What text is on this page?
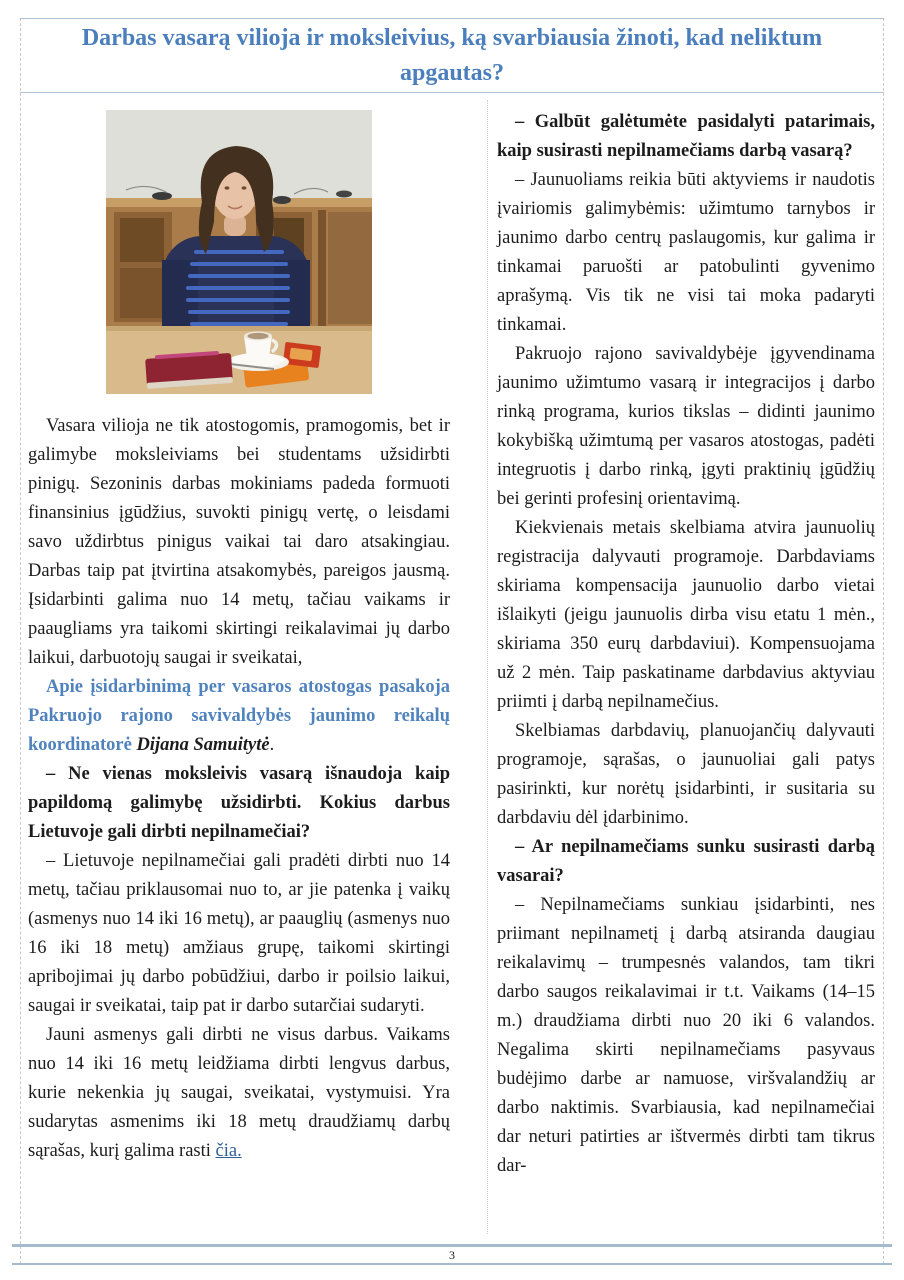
Darbas vasarą vilioja ir moksleivius, ką svarbiausia žinoti, kad neliktum apgautas?

Vasara vilioja ne tik atostogomis, pramogomis, bet ir galimybe moksleiviams bei studentams užsidirbti pinigų. Sezoninis darbas mokiniams padeda formuoti finansinius įgūdžius, suvokti pinigų vertę, o leisdami savo uždirbtus pinigus vaikai tai daro atsakingiau. Darbas taip pat įtvirtina atsakomybės, pareigos jausmą. Įsidarbinti galima nuo 14 metų, tačiau vaikams ir paaugliams yra taikomi skirtingi reikalavimai jų darbo laikui, darbuotojų saugai ir sveikatai,

Apie įsidarbinimą per vasaros atostogas pasakoja Pakruojo rajono savivaldybės jaunimo reikalų koordinatorė Dijana Samuitytė.

– Ne vienas moksleivis vasarą išnaudoja kaip papildomą galimybę užsidirbti. Kokius darbus Lietuvoje gali dirbti nepilnamečiai?

– Lietuvoje nepilnamečiai gali pradėti dirbti nuo 14 metų, tačiau priklausomai nuo to, ar jie patenka į vaikų (asmenys nuo 14 iki 16 metų), ar paauglių (asmenys nuo 16 iki 18 metų) amžiaus grupę, taikomi skirtingi apribojimai jų darbo pobūdžiui, darbo ir poilsio laikui, saugai ir sveikatai, taip pat ir darbo sutarčiai sudaryti.

Jauni asmenys gali dirbti ne visus darbus. Vaikams nuo 14 iki 16 metų leidžiama dirbti lengvus darbus, kurie nekenkia jų saugai, sveikatai, vystymuisi. Yra sudarytas asmenims iki 18 metų draudžiamų darbų sąrašas, kurį galima rasti čia.

– Galbūt galėtumėte pasidalyti patarimais, kaip susirasti nepilnamečiams darbą vasarą?

– Jaunuoliams reikia būti aktyviems ir naudotis įvairiomis galimybėmis: užimtumo tarnybos ir jaunimo darbo centrų paslaugomis, kur galima ir tinkamai paruošti ar patobulinti gyvenimo aprašymą. Vis tik ne visi tai moka padaryti tinkamai.

Pakruojo rajono savivaldybėje įgyvendinama jaunimo užimtumo vasarą ir integracijos į darbo rinką programa, kurios tikslas – didinti jaunimo kokybišką užimtumą per vasaros atostogas, padėti integruotis į darbo rinką, įgyti praktinių įgūdžių bei gerinti profesinį orientavimą.

Kiekvienais metais skelbiama atvira jaunuolių registracija dalyvauti programoje. Darbdaviams skiriama kompensacija jaunuolio darbo vietai išlaikyti (jeigu jaunuolis dirba visu etatu 1 mėn., skiriama 350 eurų darbdaviui). Kompensuojama už 2 mėn. Taip paskatiname darbdavius aktyviau priimti į darbą nepilnamečius.

Skelbiamas darbdavių, planuojančių dalyvauti programoje, sąrašas, o jaunuoliai gali patys pasirinkti, kur norėtų įsidarbinti, ir susitaria su darbdaviu dėl įdarbinimo.

– Ar nepilnamečiams sunku susirasti darbą vasarai?

– Nepilnamečiams sunkiau įsidarbinti, nes priimant nepilnametį į darbą atsiranda daugiau reikalavimų – trumpesnės valandos, tam tikri darbo saugos reikalavimai ir t.t. Vaikams (14–15 m.) draudžiama dirbti nuo 20 iki 6 valandos. Negalima skirti nepilnamečiams pasyvaus budėjimo darbe ar namuose, viršvalandžių ar darbo naktimis. Svarbiausia, kad nepilnamečiai dar neturi patirties ar ištvermės dirbti tam tikrus dar-

3
